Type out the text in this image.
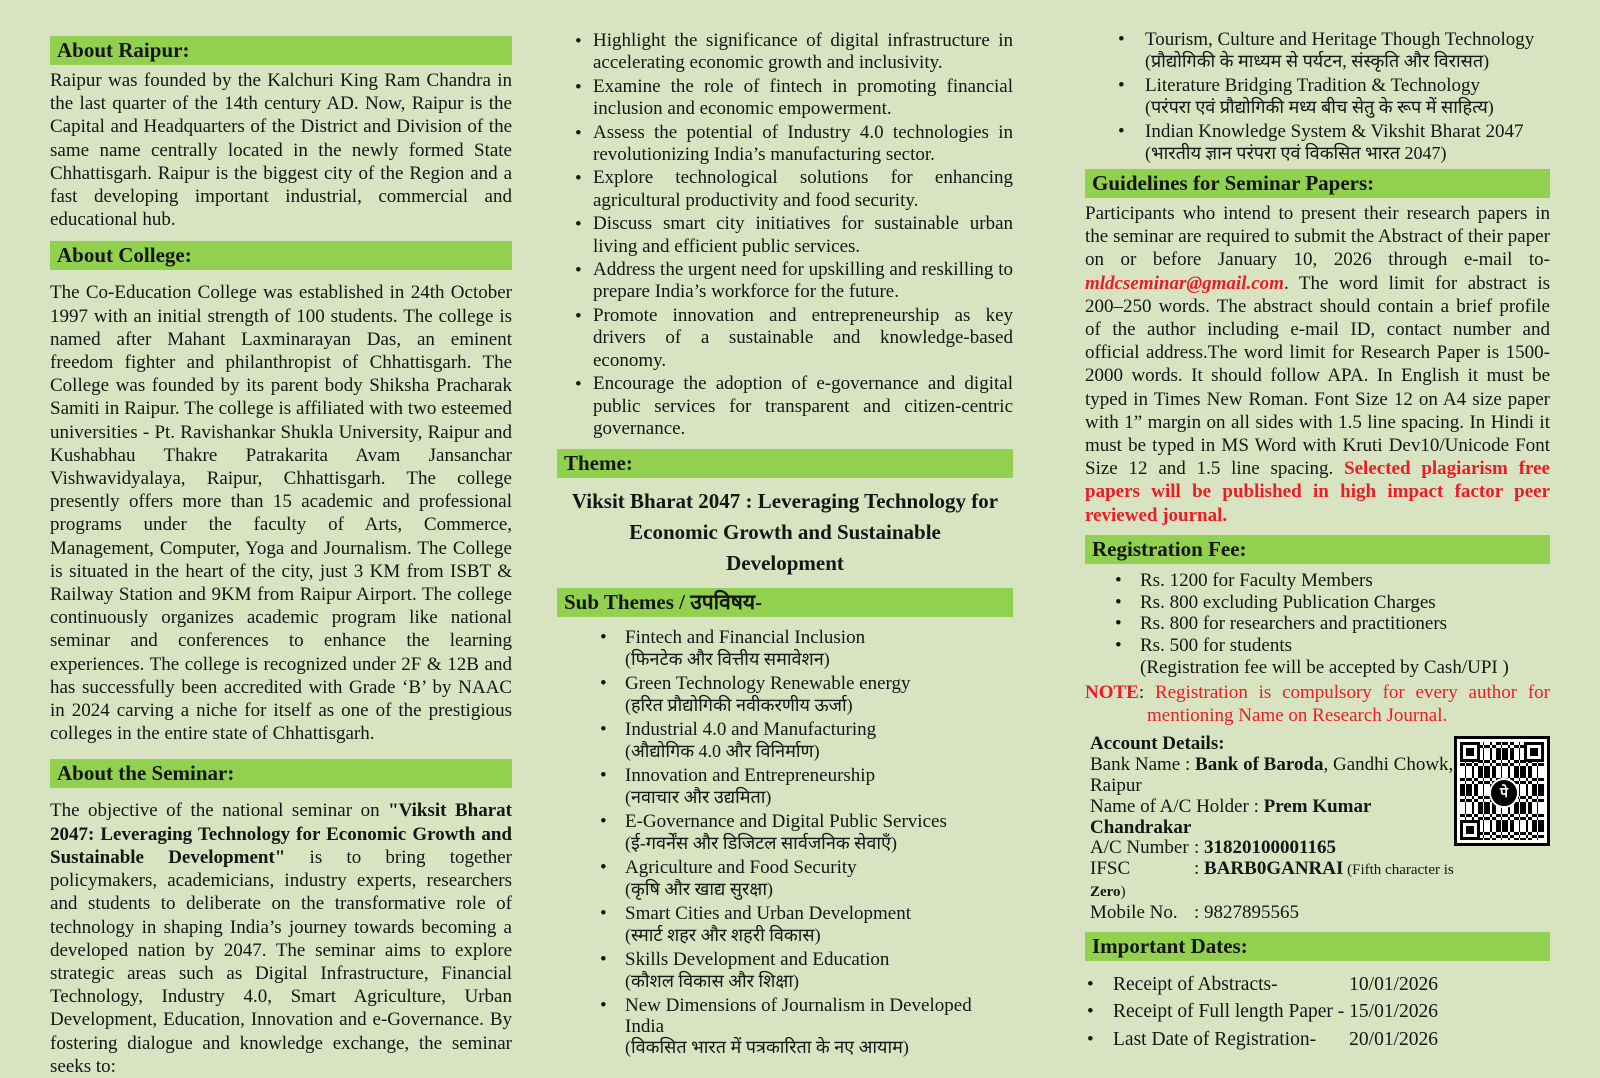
About Raipur:

Raipur was founded by the Kalchuri King Ram Chandra in the last quarter of the 14th century AD. Now, Raipur is the Capital and Headquarters of the District and Division of the same name centrally located in the newly formed State Chhattisgarh. Raipur is the biggest city of the Region and a fast developing important industrial, commercial and educational hub.

About College:

The Co-Education College was established in 24th October 1997 with an initial strength of 100 students. The college is named after Mahant Laxminarayan Das, an eminent freedom fighter and philanthropist of Chhattisgarh. The College was founded by its parent body Shiksha Pracharak Samiti in Raipur. The college is affiliated with two esteemed universities - Pt. Ravishankar Shukla University, Raipur and Kushabhau Thakre Patrakarita Avam Jansanchar Vishwavidyalaya, Raipur, Chhattisgarh. The college presently offers more than 15 academic and professional programs under the faculty of Arts, Commerce, Management, Computer, Yoga and Journalism. The College is situated in the heart of the city, just 3 KM from ISBT & Railway Station and 9KM from Raipur Airport. The college continuously organizes academic program like national seminar and conferences to enhance the learning experiences. The college is recognized under 2F & 12B and has successfully been accredited with Grade ‘B’ by NAAC in 2024 carving a niche for itself as one of the prestigious colleges in the entire state of Chhattisgarh.

About the Seminar:

The objective of the national seminar on "Viksit Bharat 2047: Leveraging Technology for Economic Growth and Sustainable Development" is to bring together policymakers, academicians, industry experts, researchers and students to deliberate on the transformative role of technology in shaping India’s journey towards becoming a developed nation by 2047. The seminar aims to explore strategic areas such as Digital Infrastructure, Financial Technology, Industry 4.0, Smart Agriculture, Urban Development, Education, Innovation and e-Governance. By fostering dialogue and knowledge exchange, the seminar seeks to:

• Highlight the significance of digital infrastructure in accelerating economic growth and inclusivity.
• Examine the role of fintech in promoting financial inclusion and economic empowerment.
• Assess the potential of Industry 4.0 technologies in revolutionizing India’s manufacturing sector.
• Explore technological solutions for enhancing agricultural productivity and food security.
• Discuss smart city initiatives for sustainable urban living and efficient public services.
• Address the urgent need for upskilling and reskilling to prepare India’s workforce for the future.
• Promote innovation and entrepreneurship as key drivers of a sustainable and knowledge-based economy.
• Encourage the adoption of e-governance and digital public services for transparent and citizen-centric governance.
Theme:

Viksit Bharat 2047 : Leveraging Technology for Economic Growth and Sustainable Development

Sub Themes / उपविषय-
• Fintech and Financial Inclusion
(फिनटेक और वित्तीय समावेशन)
• Green Technology Renewable energy
(हरित प्रौद्योगिकी नवीकरणीय ऊर्जा)
• Industrial 4.0 and Manufacturing
(औद्योगिक 4.0 और विनिर्माण)
• Innovation and Entrepreneurship
(नवाचार और उद्यमिता)
• E-Governance and Digital Public Services
(ई-गवर्नेंस और डिजिटल सार्वजनिक सेवाएँ)
• Agriculture and Food Security
(कृषि और खाद्य सुरक्षा)
• Smart Cities and Urban Development
(स्मार्ट शहर और शहरी विकास)
• Skills Development and Education
(कौशल विकास और शिक्षा)
• New Dimensions of Journalism in Developed India
(विकसित भारत में पत्रकारिता के नए आयाम)
•	Tourism, Culture and Heritage Though Technology
(प्रौद्योगिकी के माध्यम से पर्यटन, संस्कृति और विरासत)
•	Literature Bridging Tradition & Technology
(परंपरा एवं प्रौद्योगिकी मध्य बीच सेतु के रूप में साहित्य)
•	Indian Knowledge System & Vikshit Bharat 2047
(भारतीय ज्ञान परंपरा एवं विकसित भारत 2047)
Guidelines for Seminar Papers:

Participants who intend to present their research papers in the seminar are required to submit the Abstract of their paper on or before January 10, 2026 through e-mail to-mldcseminar@gmail.com. The word limit for abstract is 200–250 words. The abstract should contain a brief profile of the author including e-mail ID, contact number and official address.The word limit for Research Paper is 1500-2000 words. It should follow APA. In English it must be typed in Times New Roman. Font Size 12 on A4 size paper with 1” margin on all sides with 1.5 line spacing. In Hindi it must be typed in MS Word with Kruti Dev10/Unicode Font Size 12 and 1.5 line spacing. Selected plagiarism free papers will be published in high impact factor peer reviewed journal.

Registration Fee:
• Rs. 1200 for Faculty Members
• Rs. 800 excluding Publication Charges
• Rs. 800 for researchers and practitioners
• Rs. 500 for students
(Registration fee will be accepted by Cash/UPI )

NOTE: Registration is compulsory for every author for mentioning Name on Research Journal.

Account Details:
Bank Name : Bank of Baroda, Gandhi Chowk, Raipur
Name of A/C Holder : Prem Kumar Chandrakar
A/C Number : 31820100001165
IFSC	: BARB0GANRAI (Fifth character is Zero)
Mobile No. : 9827895565
पे
Important Dates:
• Receipt of Abstracts-	10/01/2026
• Receipt of Full length Paper - 15/01/2026
• Last Date of Registration- 20/01/2026
